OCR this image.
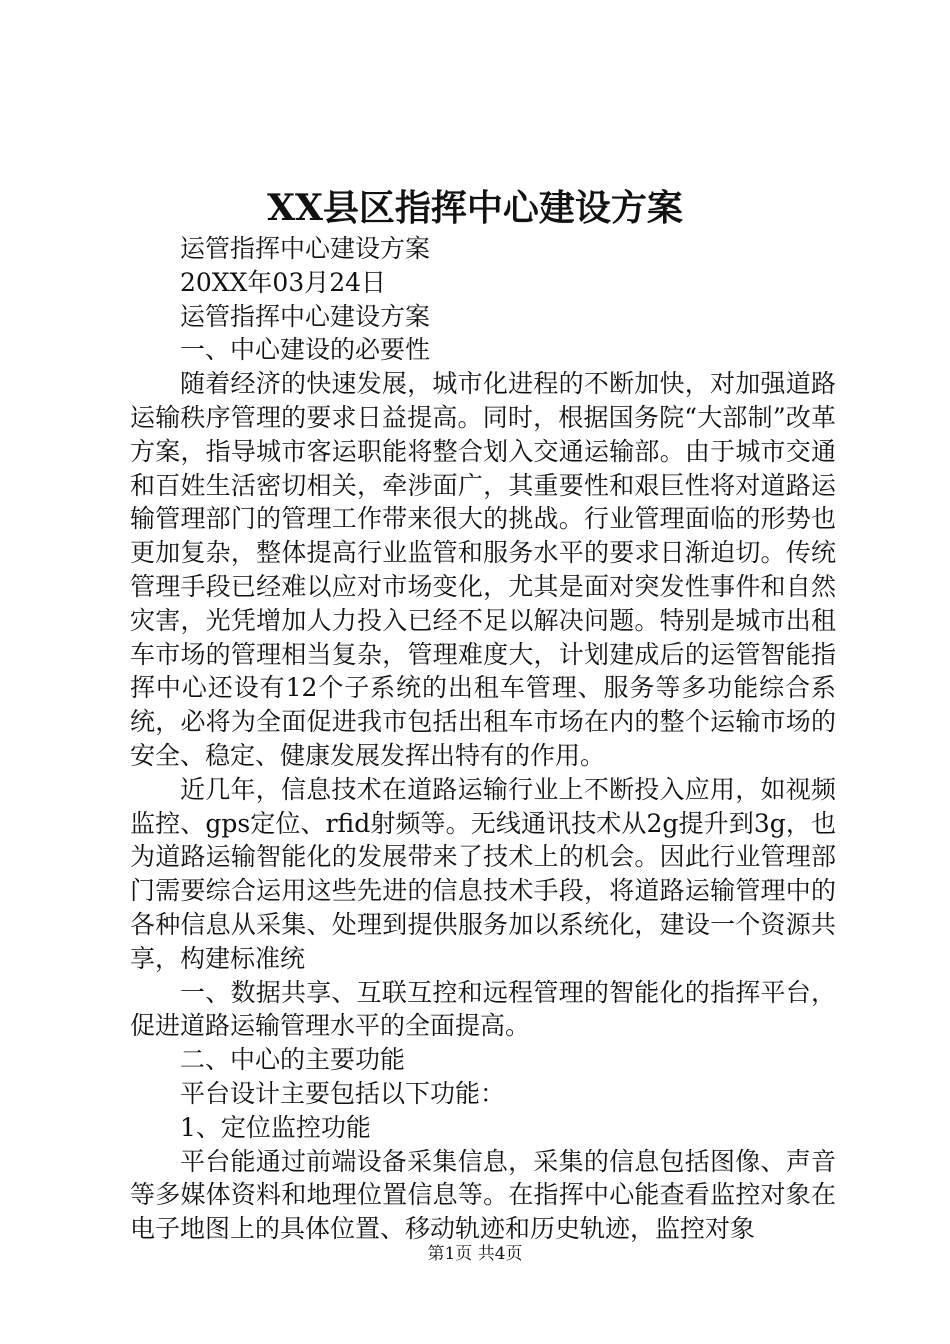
XX县区指挥中心建设方案

运管指挥中心建设方案

20XX年03月24日

运管指挥中心建设方案

一、中心建设的必要性

随着经济的快速发展，城市化进程的不断加快，对加强道路运输秩序管理的要求日益提高。同时，根据国务院“大部制”改革方案，指导城市客运职能将整合划入交通运输部。由于城市交通和百姓生活密切相关，牵涉面广，其重要性和艰巨性将对道路运输管理部门的管理工作带来很大的挑战。行业管理面临的形势也更加复杂，整体提高行业监管和服务水平的要求日渐迫切。传统管理手段已经难以应对市场变化，尤其是面对突发性事件和自然灾害，光凭增加人力投入已经不足以解决问题。特别是城市出租车市场的管理相当复杂，管理难度大，计划建成后的运管智能指挥中心还设有12个子系统的出租车管理、服务等多功能综合系统，必将为全面促进我市包括出租车市场在内的整个运输市场的安全、稳定、健康发展发挥出特有的作用。

近几年，信息技术在道路运输行业上不断投入应用，如视频监控、gps定位、rfid射频等。无线通讯技术从2g提升到3g，也为道路运输智能化的发展带来了技术上的机会。因此行业管理部门需要综合运用这些先进的信息技术手段，将道路运输管理中的各种信息从采集、处理到提供服务加以系统化，建设一个资源共享，构建标准统

一、数据共享、互联互控和远程管理的智能化的指挥平台，促进道路运输管理水平的全面提高。

二、中心的主要功能

平台设计主要包括以下功能：

1、定位监控功能

平台能通过前端设备采集信息，采集的信息包括图像、声音等多媒体资料和地理位置信息等。在指挥中心能查看监控对象在电子地图上的具体位置、移动轨迹和历史轨迹，监控对象

第1页 共4页
